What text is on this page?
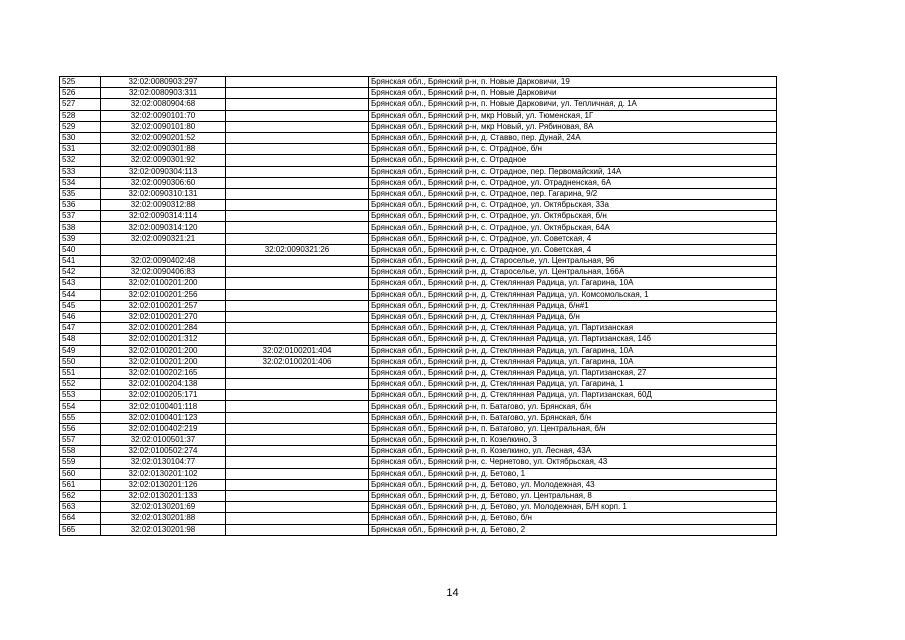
525	32:02:0080903:297		Брянская обл., Брянский р-н, п. Новые Дарковичи, 19
526	32:02:0080903:311		Брянская обл., Брянский р-н, п. Новые Дарковичи
527	32:02:0080904:68		Брянская обл., Брянский р-н, п. Новые Дарковичи, ул. Тепличная, д. 1А
528	32:02:0090101:70		Брянская обл., Брянский р-н, мкр Новый, ул. Тюменская, 1Г
529	32:02:0090101:80		Брянская обл., Брянский р-н, мкр Новый, ул. Рябиновая, 8А
530	32:02:0090201:52		Брянская обл., Брянский р-н, д. Ставво, пер. Дунай, 24А
531	32:02:0090301:88		Брянская обл., Брянский р-н, с. Отрадное, б/н
532	32:02:0090301:92		Брянская обл., Брянский р-н, с. Отрадное
533	32:02:0090304:113		Брянская обл., Брянский р-н, с. Отрадное, пер. Первомайский, 14А
534	32:02:0090306:60		Брянская обл., Брянский р-н, с. Отрадное, ул. Отрадненская, 6А
535	32:02:0090310:131		Брянская обл., Брянский р-н, с. Отрадное, пер. Гагарина, 9/2
536	32:02:0090312:88		Брянская обл., Брянский р-н, с. Отрадное, ул. Октябрьская, 33а
537	32:02:0090314:114		Брянская обл., Брянский р-н, с. Отрадное, ул. Октябрьская, б/н
538	32:02:0090314:120		Брянская обл., Брянский р-н, с. Отрадное, ул. Октябрьская, 64А
539	32:02:0090321:21		Брянская обл., Брянский р-н, с. Отрадное, ул. Советская, 4
540		32:02:0090321:26	Брянская обл., Брянский р-н, с. Отрадное, ул. Советская, 4
541	32:02:0090402:48		Брянская обл., Брянский р-н, д. Староселье, ул. Центральная, 96
542	32:02:0090406:83		Брянская обл., Брянский р-н, д. Староселье, ул. Центральная, 166А
543	32:02:0100201:200		Брянская обл., Брянский р-н, д. Стеклянная Радица, ул. Гагарина, 10А
544	32:02:0100201:256		Брянская обл., Брянский р-н, д. Стеклянная Радица, ул. Комсомольская, 1
545	32:02:0100201:257		Брянская обл., Брянский р-н, д. Стеклянная Радица, б/н#1
546	32:02:0100201:270		Брянская обл., Брянский р-н, д. Стеклянная Радица, б/н
547	32:02:0100201:284		Брянская обл., Брянский р-н, д. Стеклянная Радица, ул. Партизанская
548	32:02:0100201:312		Брянская обл., Брянский р-н, д. Стеклянная Радица, ул. Партизанская, 14б
549	32:02:0100201:200	32:02:0100201:404	Брянская обл., Брянский р-н, д. Стеклянная Радица, ул. Гагарина, 10А
550	32:02:0100201:200	32:02:0100201:406	Брянская обл., Брянский р-н, д. Стеклянная Радица, ул. Гагарина, 10А
551	32:02:0100202:165		Брянская обл., Брянский р-н, д. Стеклянная Радица, ул. Партизанская, 27
552	32:02:0100204:138		Брянская обл., Брянский р-н, д. Стеклянная Радица, ул. Гагарина, 1
553	32:02:0100205:171		Брянская обл., Брянский р-н, д. Стеклянная Радица, ул. Партизанская, 60Д
554	32:02:0100401:118		Брянская обл., Брянский р-н, п. Батагово, ул. Брянская, б/н
555	32:02:0100401:123		Брянская обл., Брянский р-н, п. Батагово, ул. Брянская, б/н
556	32:02:0100402:219		Брянская обл., Брянский р-н, п. Батагово, ул. Центральная, б/н
557	32:02:0100501:37		Брянская обл., Брянский р-н, п. Козелкино, 3
558	32:02:0100502:274		Брянская обл., Брянский р-н, п. Козелкино, ул. Лесная, 43А
559	32:02:0130104:77		Брянская обл., Брянский р-н, с. Чернетово, ул. Октябрьская, 43
560	32:02:0130201:102		Брянская обл., Брянский р-н, д. Бетово, 1
561	32:02:0130201:126		Брянская обл., Брянский р-н, д. Бетово, ул. Молодежная, 43
562	32:02:0130201:133		Брянская обл., Брянский р-н, д. Бетово, ул. Центральная, 8
563	32:02:0130201:69		Брянская обл., Брянский р-н, д. Бетово, ул. Молодежная, Б/Н корп. 1
564	32:02:0130201:88		Брянская обл., Брянский р-н, д. Бетово, б/н
565	32:02:0130201:98		Брянская обл., Брянский р-н, д. Бетово, 2
14
